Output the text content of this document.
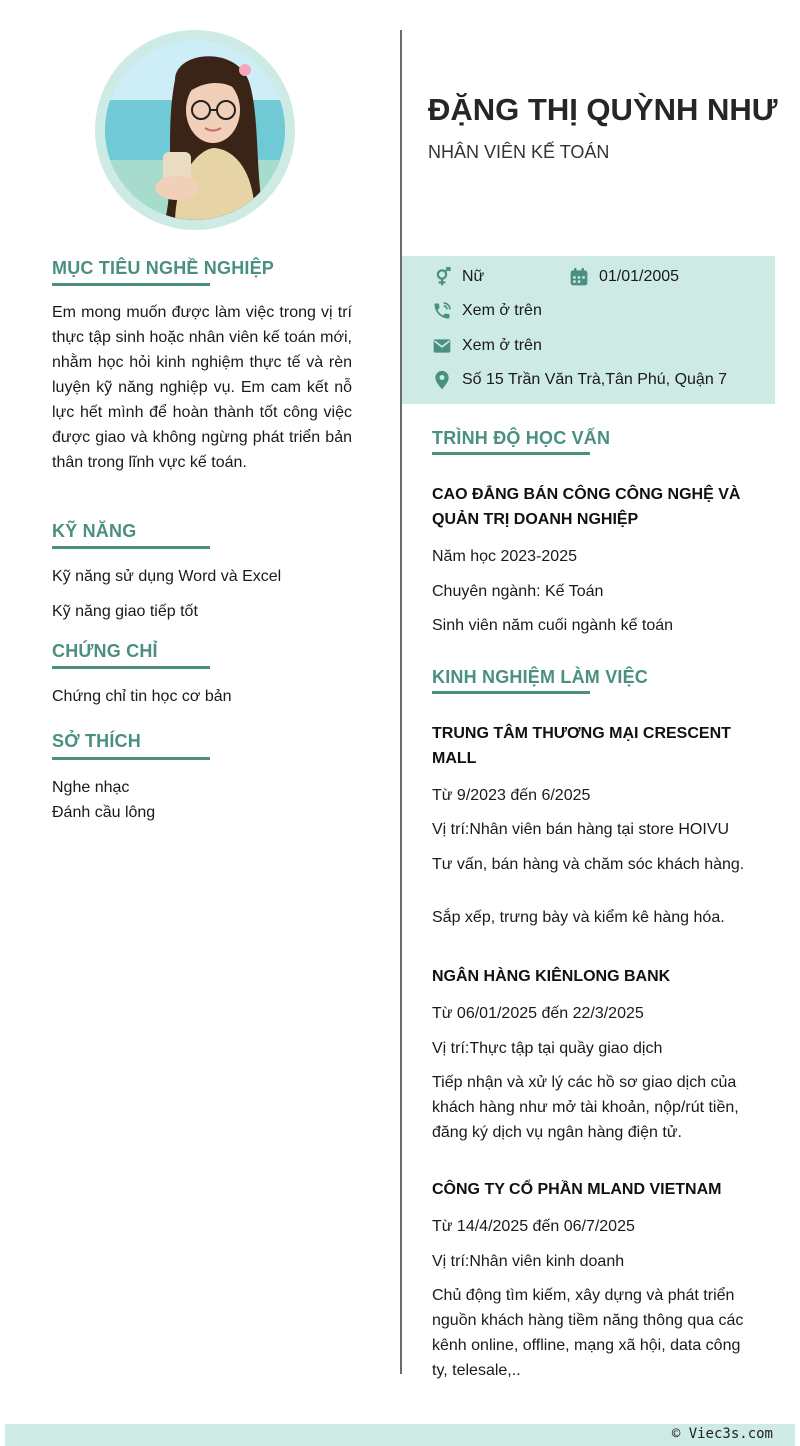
MỤC TIÊU NGHỀ NGHIỆP
Em mong muốn được làm việc trong vị trí thực tập sinh hoặc nhân viên kế toán mới, nhằm học hỏi kinh nghiệm thực tế và rèn luyện kỹ năng nghiệp vụ. Em cam kết nỗ lực hết mình để hoàn thành tốt công việc được giao và không ngừng phát triển bản thân trong lĩnh vực kế toán.
KỸ NĂNG
Kỹ năng sử dụng Word và Excel
Kỹ năng giao tiếp tốt
CHỨNG CHỈ
Chứng chỉ tin học cơ bản
SỞ THÍCH
Nghe nhạc
Đánh cầu lông
ĐẶNG THỊ QUỲNH NHƯ
NHÂN VIÊN KẾ TOÁN
Nữ	01/01/2005
Xem ở trên
Xem ở trên
Số 15 Trần Văn Trà,Tân Phú, Quận 7
TRÌNH ĐỘ HỌC VẤN
CAO ĐẲNG BÁN CÔNG CÔNG NGHỆ VÀ QUẢN TRỊ DOANH NGHIỆP
Năm học 2023-2025
Chuyên ngành: Kế Toán
Sinh viên năm cuối ngành kế toán
KINH NGHIỆM LÀM VIỆC
TRUNG TÂM THƯƠNG MẠI CRESCENT MALL
Từ 9/2023 đến 6/2025
Vị trí:Nhân viên bán hàng tại store HOIVU
Tư vấn, bán hàng và chăm sóc khách hàng.
Sắp xếp, trưng bày và kiểm kê hàng hóa.
NGÂN HÀNG KIÊNLONG BANK
Từ 06/01/2025 đến 22/3/2025
Vị trí:Thực tập tại quầy giao dịch
Tiếp nhận và xử lý các hồ sơ giao dịch của khách hàng như mở tài khoản, nộp/rút tiền, đăng ký dịch vụ ngân hàng điện tử.
CÔNG TY CỔ PHẦN MLAND VIETNAM
Từ 14/4/2025 đến 06/7/2025
Vị trí:Nhân viên kinh doanh
Chủ động tìm kiếm, xây dựng và phát triển nguồn khách hàng tiềm năng thông qua các kênh online, offline, mạng xã hội, data công ty, telesale,..
© Viec3s.com
